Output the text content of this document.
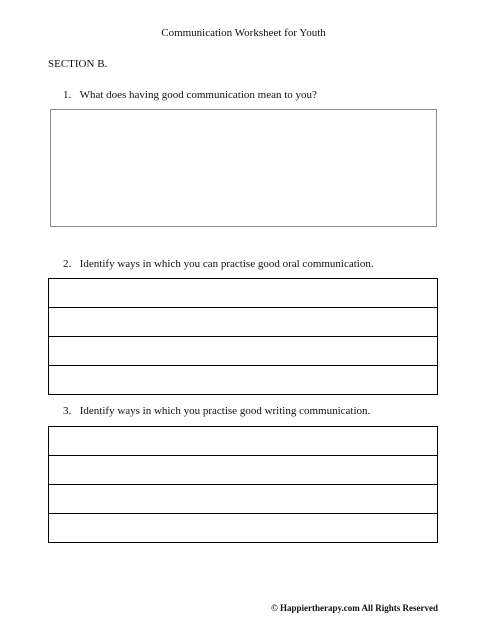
Communication Worksheet for Youth
SECTION B.
1. What does having good communication mean to you?
2. Identify ways in which you can practise good oral communication.
3. Identify ways in which you practise good writing communication.
© Happiertherapy.com All Rights Reserved
